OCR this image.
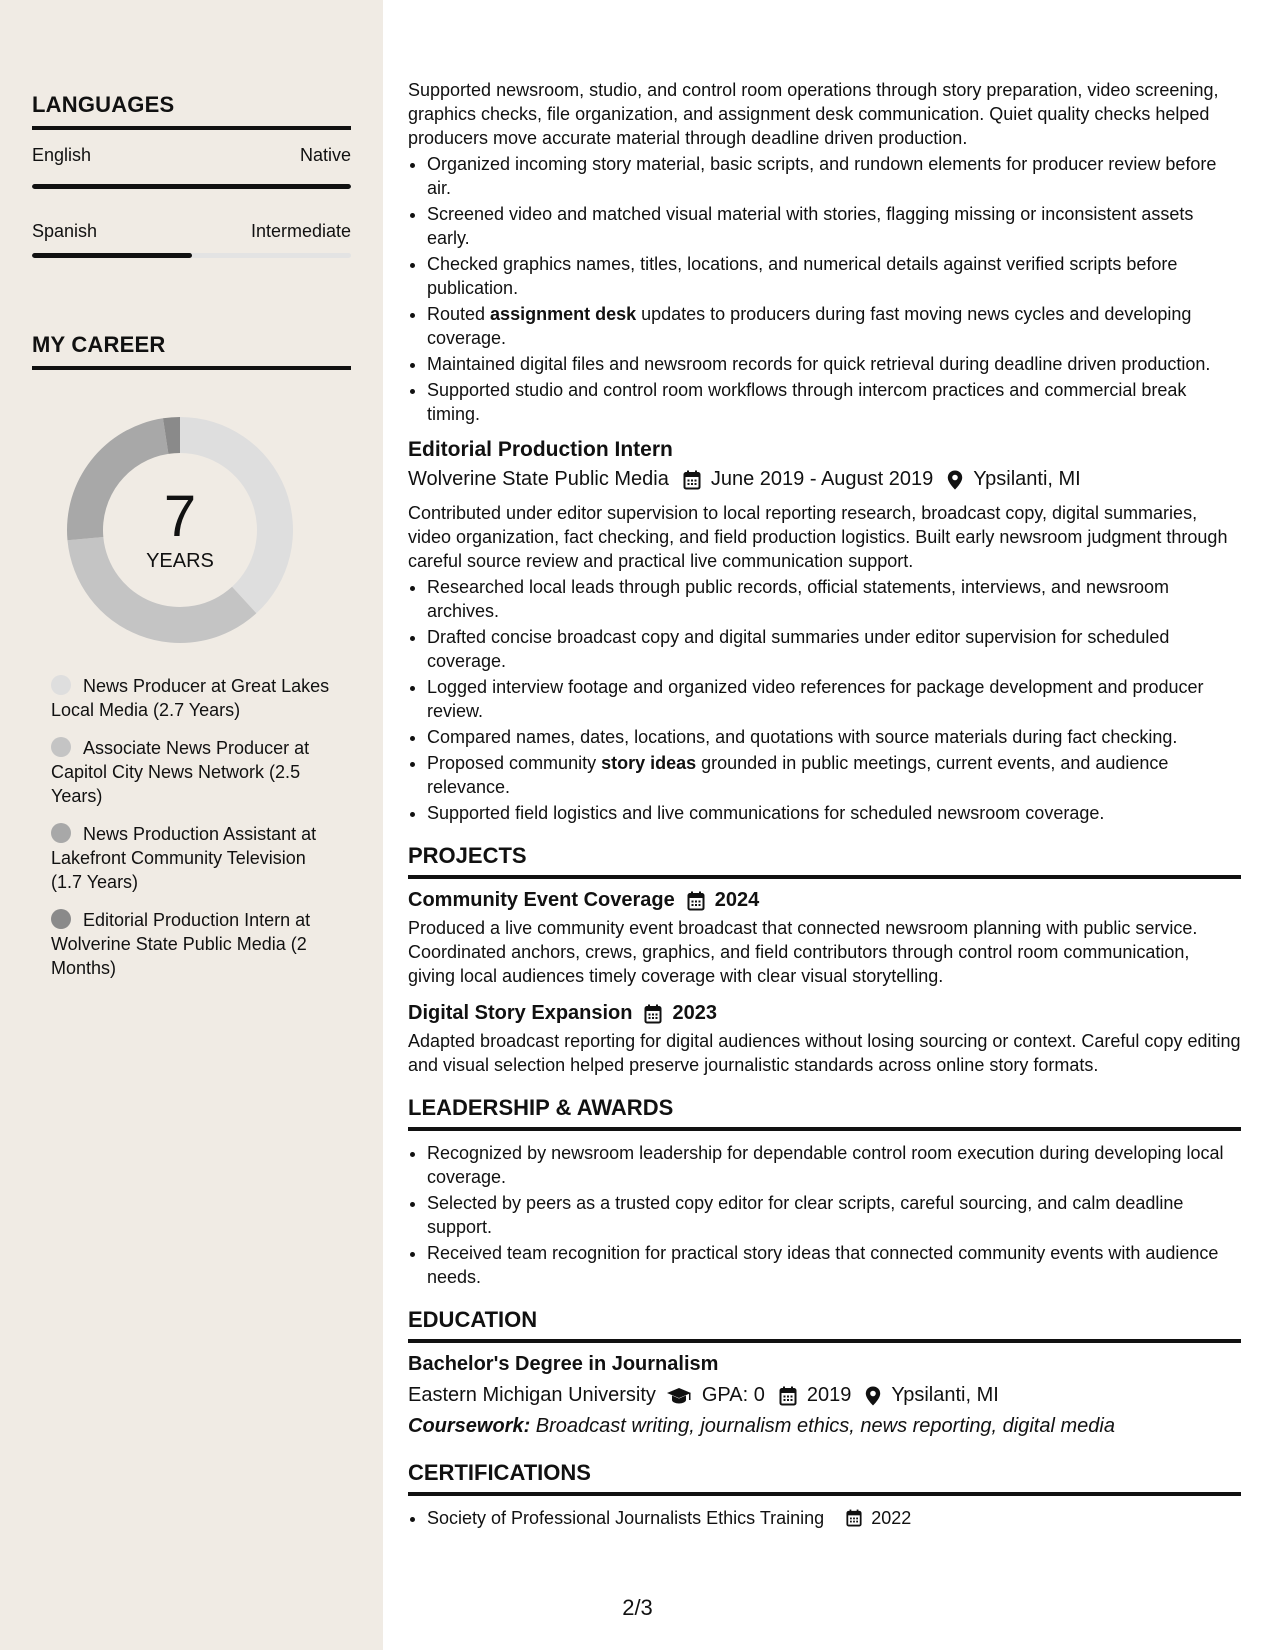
LANGUAGES
English	Native
Spanish	Intermediate
MY CAREER
7
YEARS
News Producer at Great Lakes Local Media (2.7 Years)
Associate News Producer at Capitol City News Network (2.5 Years)
News Production Assistant at Lakefront Community Television (1.7 Years)
Editorial Production Intern at Wolverine State Public Media (2 Months)

Supported newsroom, studio, and control room operations through story preparation, video screening, graphics checks, file organization, and assignment desk communication. Quiet quality checks helped producers move accurate material through deadline driven production.

• Organized incoming story material, basic scripts, and rundown elements for producer review before air.
• Screened video and matched visual material with stories, flagging missing or inconsistent assets early.
• Checked graphics names, titles, locations, and numerical details against verified scripts before publication.
• Routed assignment desk updates to producers during fast moving news cycles and developing coverage.
• Maintained digital files and newsroom records for quick retrieval during deadline driven production.
• Supported studio and control room workflows through intercom practices and commercial break timing.
Editorial Production Intern
Wolverine State Public Media June 2019 - August 2019 Ypsilanti, MI

Contributed under editor supervision to local reporting research, broadcast copy, digital summaries, video organization, fact checking, and field production logistics. Built early newsroom judgment through careful source review and practical live communication support.

• Researched local leads through public records, official statements, interviews, and newsroom archives.
• Drafted concise broadcast copy and digital summaries under editor supervision for scheduled coverage.
• Logged interview footage and organized video references for package development and producer review.
• Compared names, dates, locations, and quotations with source materials during fact checking.
• Proposed community story ideas grounded in public meetings, current events, and audience relevance.
• Supported field logistics and live communications for scheduled newsroom coverage.
PROJECTS
Community Event Coverage 2024

Produced a live community event broadcast that connected newsroom planning with public service. Coordinated anchors, crews, graphics, and field contributors through control room communication, giving local audiences timely coverage with clear visual storytelling.

Digital Story Expansion 2023

Adapted broadcast reporting for digital audiences without losing sourcing or context. Careful copy editing and visual selection helped preserve journalistic standards across online story formats.

LEADERSHIP & AWARDS
• Recognized by newsroom leadership for dependable control room execution during developing local coverage.
• Selected by peers as a trusted copy editor for clear scripts, careful sourcing, and calm deadline support.
• Received team recognition for practical story ideas that connected community events with audience needs.
EDUCATION
Bachelor's Degree in Journalism
Eastern Michigan University GPA: 0 2019 Ypsilanti, MI
Coursework: Broadcast writing, journalism ethics, news reporting, digital media
CERTIFICATIONS
• Society of Professional Journalists Ethics Training	2022
2/3
